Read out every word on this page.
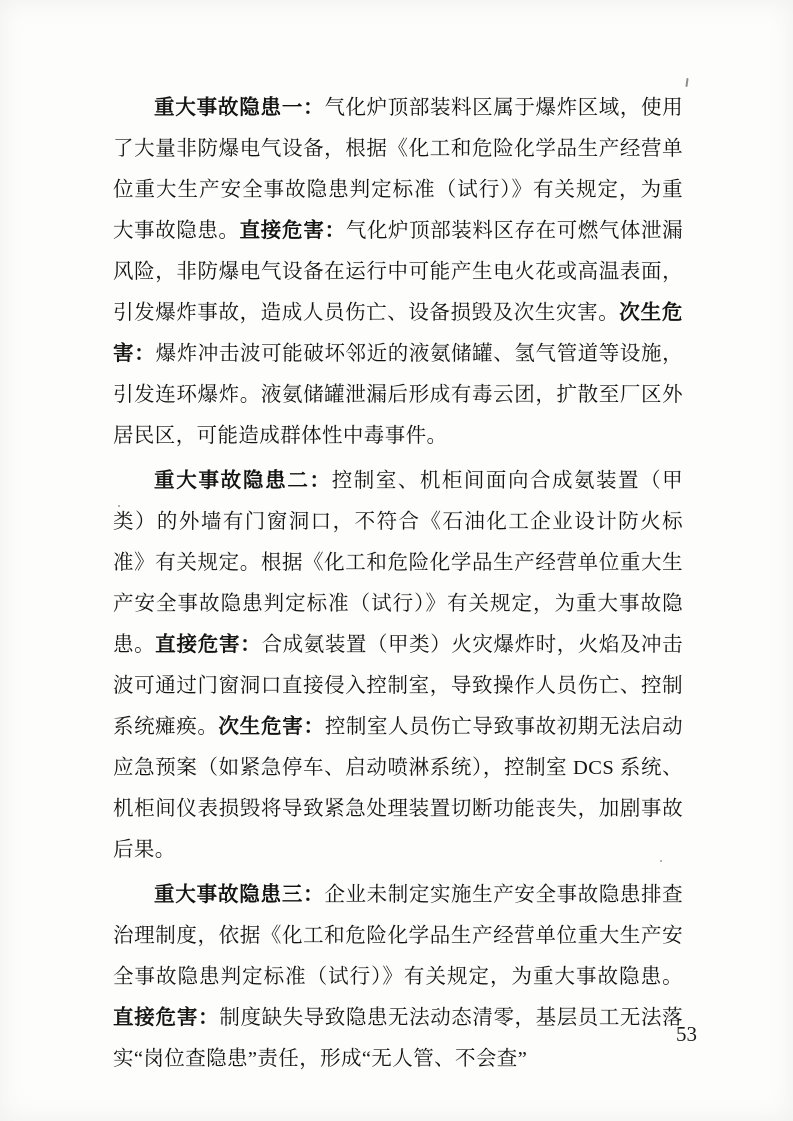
重大事故隐患一：气化炉顶部装料区属于爆炸区域，使用了大量非防爆电气设备，根据《化工和危险化学品生产经营单位重大生产安全事故隐患判定标准（试行）》有关规定，为重大事故隐患。直接危害：气化炉顶部装料区存在可燃气体泄漏风险，非防爆电气设备在运行中可能产生电火花或高温表面，引发爆炸事故，造成人员伤亡、设备损毁及次生灾害。次生危害：爆炸冲击波可能破坏邻近的液氨储罐、氢气管道等设施，引发连环爆炸。液氨储罐泄漏后形成有毒云团，扩散至厂区外居民区，可能造成群体性中毒事件。

重大事故隐患二：控制室、机柜间面向合成氨装置（甲类）的外墙有门窗洞口，不符合《石油化工企业设计防火标准》有关规定。根据《化工和危险化学品生产经营单位重大生产安全事故隐患判定标准（试行）》有关规定，为重大事故隐患。直接危害：合成氨装置（甲类）火灾爆炸时，火焰及冲击波可通过门窗洞口直接侵入控制室，导致操作人员伤亡、控制系统瘫痪。次生危害：控制室人员伤亡导致事故初期无法启动应急预案（如紧急停车、启动喷淋系统），控制室 DCS 系统、机柜间仪表损毁将导致紧急处理装置切断功能丧失，加剧事故后果。

重大事故隐患三：企业未制定实施生产安全事故隐患排查治理制度，依据《化工和危险化学品生产经营单位重大生产安全事故隐患判定标准（试行）》有关规定，为重大事故隐患。直接危害：制度缺失导致隐患无法动态清零，基层员工无法落实“岗位查隐患”责任，形成“无人管、不会查”

53
